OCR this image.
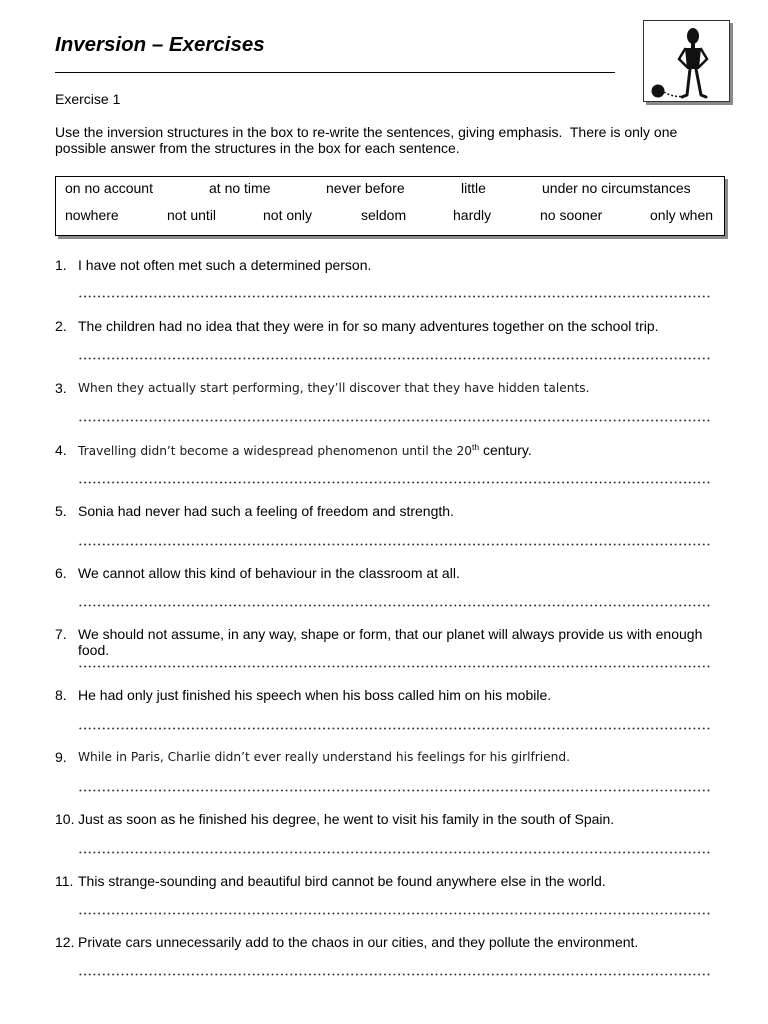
Inversion – Exercises
Exercise 1
Use the inversion structures in the box to re-write the sentences, giving emphasis.  There is only one possible answer from the structures in the box for each sentence.
on no account	at no time	never before	little	under no circumstances
nowhere	not until	not only	seldom	hardly	no sooner	only when
1. I have not often met such a determined person.
2. The children had no idea that they were in for so many adventures together on the school trip.
3. When they actually start performing, they’ll discover that they have hidden talents.
4. Travelling didn’t become a widespread phenomenon until the 20th century.
5. Sonia had never had such a feeling of freedom and strength.
6. We cannot allow this kind of behaviour in the classroom at all.
7. We should not assume, in any way, shape or form, that our planet will always provide us with enough food.
8. He had only just finished his speech when his boss called him on his mobile.
9. While in Paris, Charlie didn’t ever really understand his feelings for his girlfriend.
10. Just as soon as he finished his degree, he went to visit his family in the south of Spain.
11. This strange-sounding and beautiful bird cannot be found anywhere else in the world.
12. Private cars unnecessarily add to the chaos in our cities, and they pollute the environment.
